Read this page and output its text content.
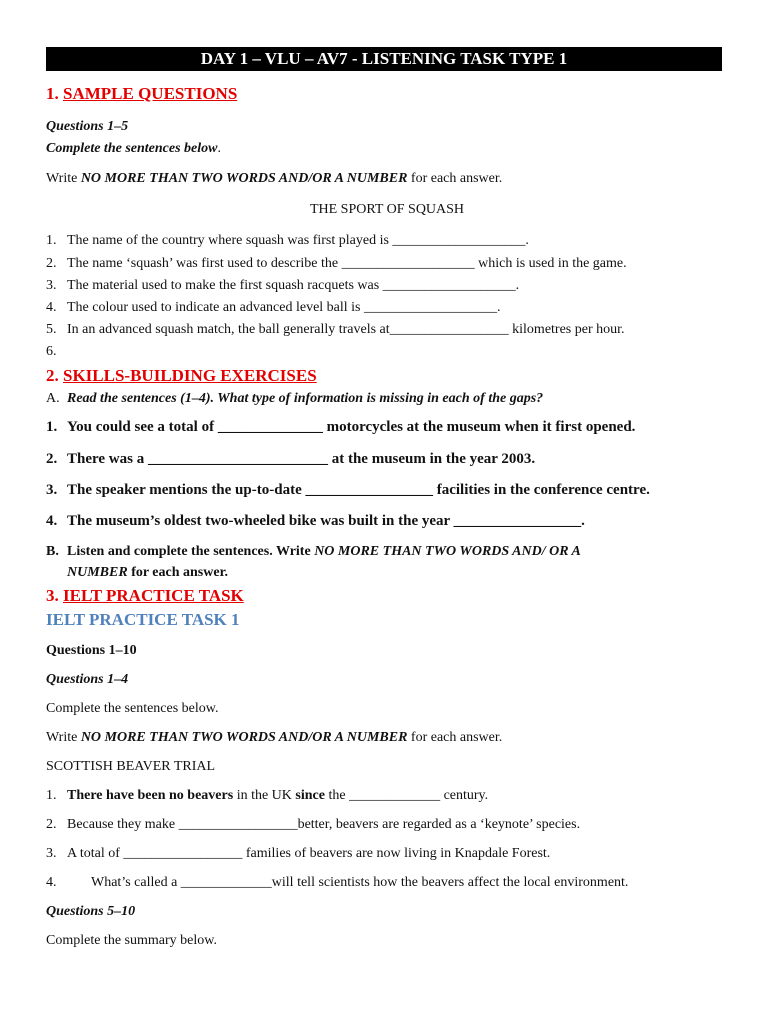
DAY 1 – VLU – AV7 - LISTENING TASK TYPE 1
1. SAMPLE QUESTIONS
Questions 1–5
Complete the sentences below.
Write NO MORE THAN TWO WORDS AND/OR A NUMBER for each answer.
THE SPORT OF SQUASH
1. The name of the country where squash was first played is ___________________.
2. The name ‘squash’ was first used to describe the ___________________ which is used in the game.
3. The material used to make the first squash racquets was ___________________.
4. The colour used to indicate an advanced level ball is ___________________.
5. In an advanced squash match, the ball generally travels at_________________ kilometres per hour.
6.
2. SKILLS-BUILDING EXERCISES
A. Read the sentences (1–4). What type of information is missing in each of the gaps?
1. You could see a total of ______________ motorcycles at the museum when it first opened.
2. There was a ________________________ at the museum in the year 2003.
3. The speaker mentions the up-to-date _________________ facilities in the conference centre.
4. The museum’s oldest two-wheeled bike was built in the year _________________.
B. Listen and complete the sentences. Write NO MORE THAN TWO WORDS AND/ OR A
NUMBER for each answer.
3. IELT PRACTICE TASK
IELT PRACTICE TASK 1
Questions 1–10
Questions 1–4
Complete the sentences below.
Write NO MORE THAN TWO WORDS AND/OR A NUMBER for each answer.
SCOTTISH BEAVER TRIAL
1. There have been no beavers in the UK since the _____________ century.
2. Because they make _________________better, beavers are regarded as a ‘keynote’ species.
3. A total of _________________ families of beavers are now living in Knapdale Forest.
4. What’s called a _____________will tell scientists how the beavers affect the local environment.
Questions 5–10
Complete the summary below.
